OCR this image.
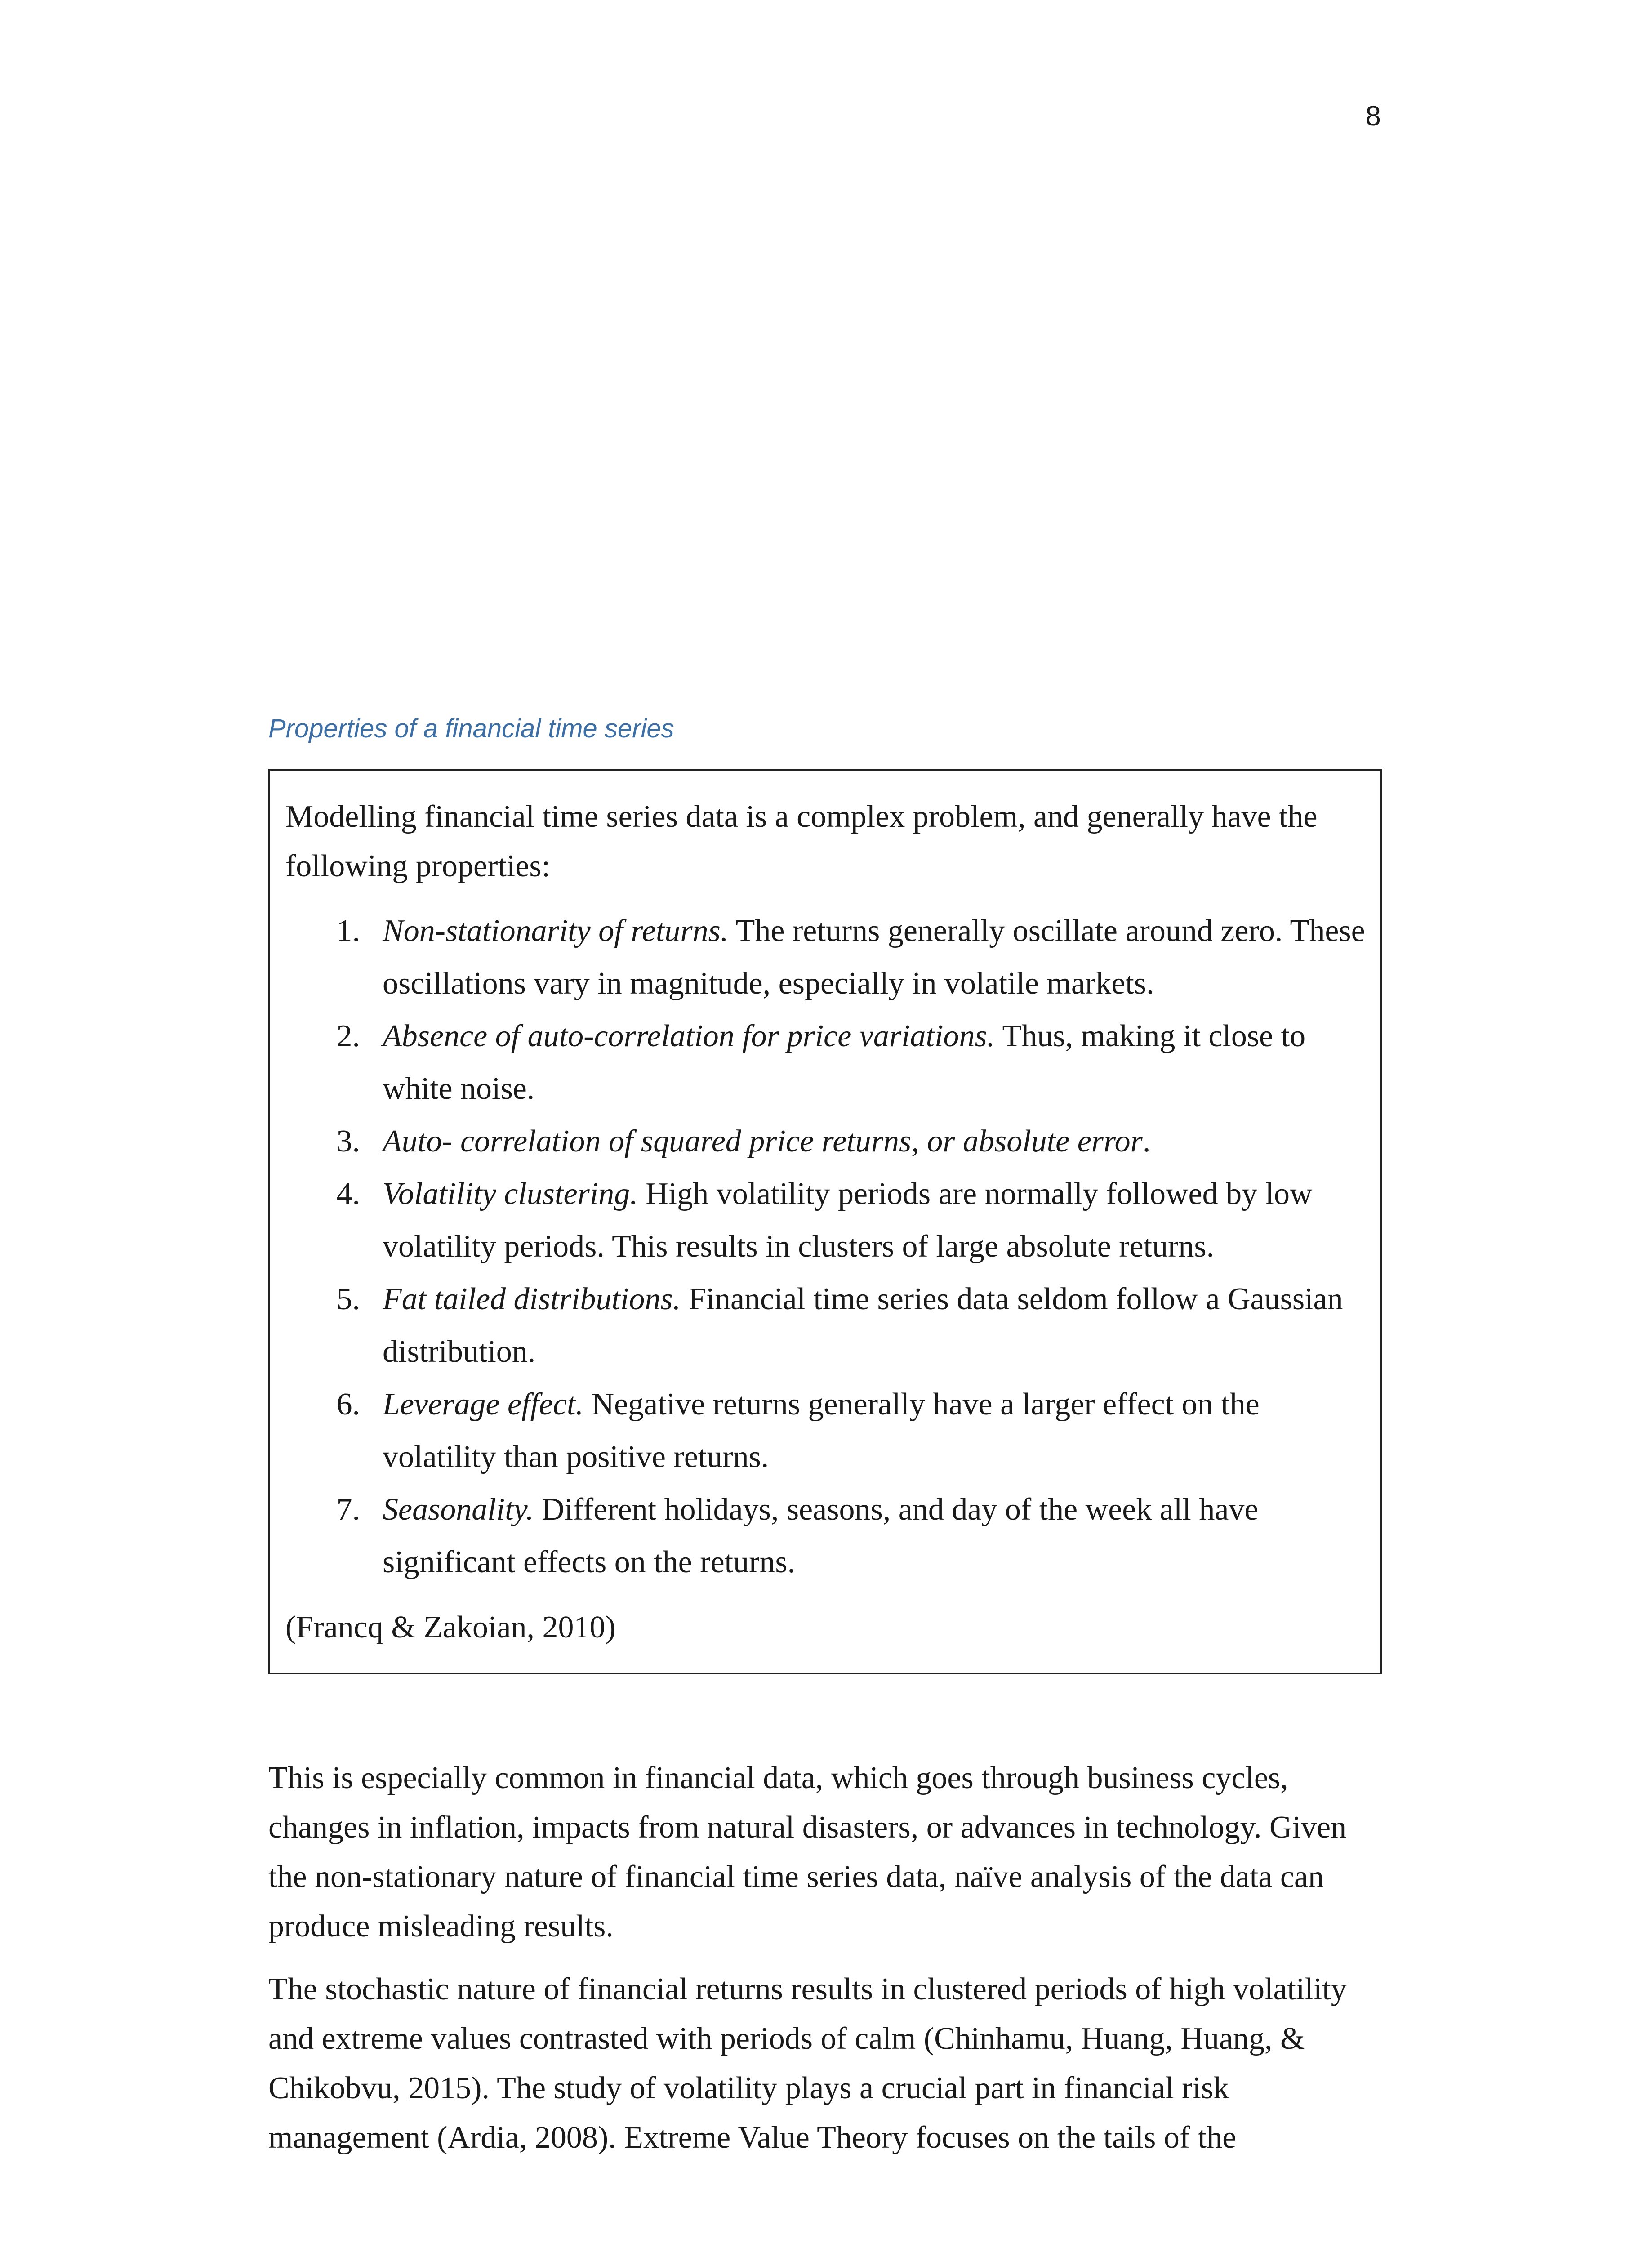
8
Properties of a financial time series

Modelling financial time series data is a complex problem, and generally have the following properties:

1. Non-stationarity of returns. The returns generally oscillate around zero. These oscillations vary in magnitude, especially in volatile markets.
2. Absence of auto-correlation for price variations. Thus, making it close to white noise.
3. Auto- correlation of squared price returns, or absolute error.
4. Volatility clustering. High volatility periods are normally followed by low volatility periods. This results in clusters of large absolute returns.
5. Fat tailed distributions. Financial time series data seldom follow a Gaussian distribution.
6. Leverage effect. Negative returns generally have a larger effect on the volatility than positive returns.
7. Seasonality. Different holidays, seasons, and day of the week all have significant effects on the returns.

(Francq & Zakoian, 2010)

This is especially common in financial data, which goes through business cycles, changes in inflation, impacts from natural disasters, or advances in technology. Given the non-stationary nature of financial time series data, naïve analysis of the data can produce misleading results.

The stochastic nature of financial returns results in clustered periods of high volatility and extreme values contrasted with periods of calm (Chinhamu, Huang, Huang, & Chikobvu, 2015). The study of volatility plays a crucial part in financial risk management (Ardia, 2008). Extreme Value Theory focuses on the tails of the
